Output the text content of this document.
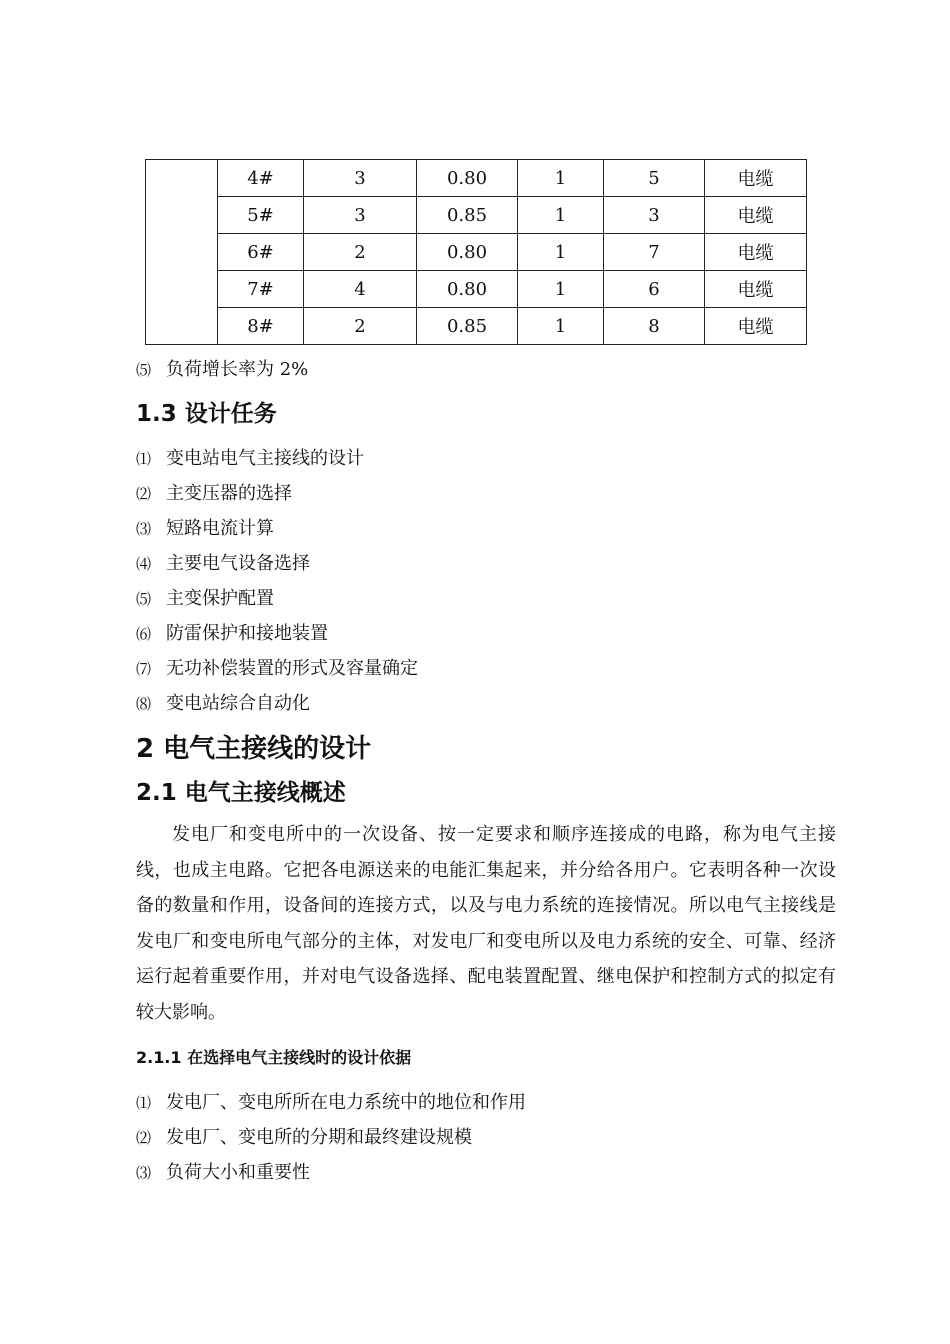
	4#	3	0.80	1	5	电缆
	5#	3	0.85	1	3	电缆
	6#	2	0.80	1	7	电缆
	7#	4	0.80	1	6	电缆
	8#	2	0.85	1	8	电缆
⑸ 负荷增长率为 2%
1.3 设计任务
⑴ 变电站电气主接线的设计
⑵ 主变压器的选择
⑶ 短路电流计算
⑷ 主要电气设备选择
⑸ 主变保护配置
⑹ 防雷保护和接地装置
⑺ 无功补偿装置的形式及容量确定
⑻ 变电站综合自动化
2 电气主接线的设计
2.1 电气主接线概述

发电厂和变电所中的一次设备、按一定要求和顺序连接成的电路，称为电气主接线，也成主电路。它把各电源送来的电能汇集起来，并分给各用户。它表明各种一次设备的数量和作用，设备间的连接方式，以及与电力系统的连接情况。所以电气主接线是发电厂和变电所电气部分的主体，对发电厂和变电所以及电力系统的安全、可靠、经济运行起着重要作用，并对电气设备选择、配电装置配置、继电保护和控制方式的拟定有较大影响。

2.1.1 在选择电气主接线时的设计依据
⑴ 发电厂、变电所所在电力系统中的地位和作用
⑵ 发电厂、变电所的分期和最终建设规模
⑶ 负荷大小和重要性
